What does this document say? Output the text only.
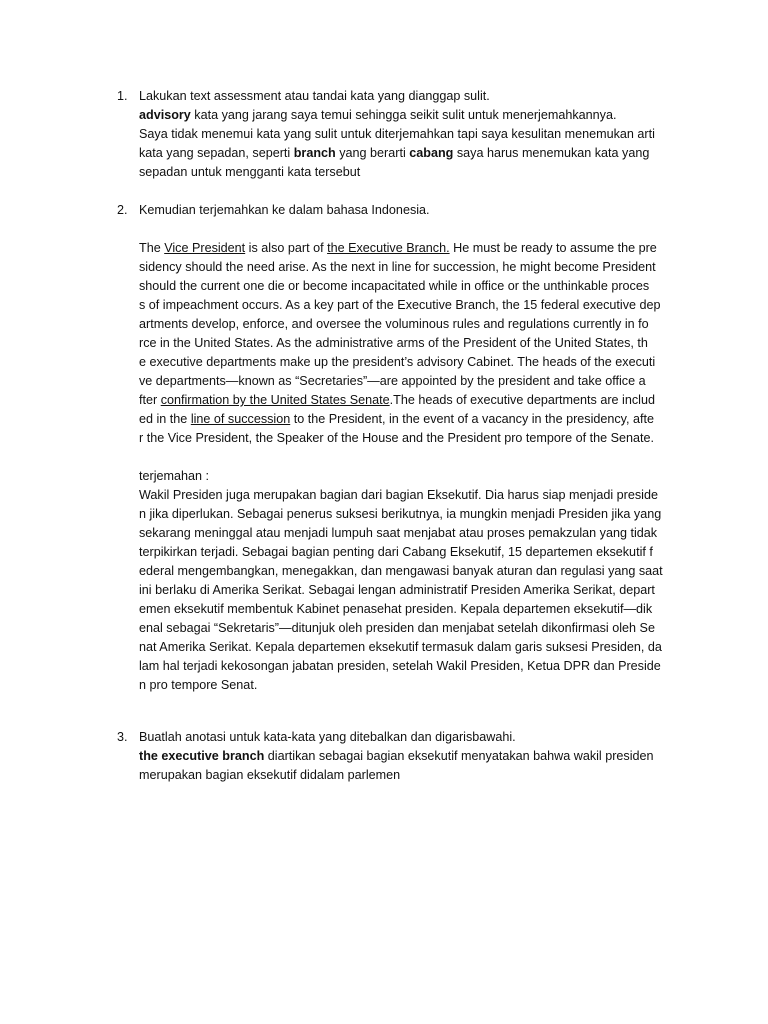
1. Lakukan text assessment atau tandai kata yang dianggap sulit.
advisory kata yang jarang saya temui sehingga seikit sulit untuk menerjemahkannya.
Saya tidak menemui kata yang sulit untuk diterjemahkan tapi saya kesulitan menemukan arti
kata yang sepadan, seperti branch yang berarti cabang saya harus menemukan kata yang
sepadan untuk mengganti kata tersebut
2. Kemudian terjemahkan ke dalam bahasa Indonesia.
The Vice President is also part of the Executive Branch. He must be ready to assume the pre
sidency should the need arise. As the next in line for succession, he might become President
should the current one die or become incapacitated while in office or the unthinkable proces
s of impeachment occurs. As a key part of the Executive Branch, the 15 federal executive dep
artments develop, enforce, and oversee the voluminous rules and regulations currently in fo
rce in the United States. As the administrative arms of the President of the United States, th
e executive departments make up the president’s advisory Cabinet. The heads of the executi
ve departments—known as “Secretaries”—are appointed by the president and take office a
fter confirmation by the United States Senate.The heads of executive departments are includ
ed in the line of succession to the President, in the event of a vacancy in the presidency, afte
r the Vice President, the Speaker of the House and the President pro tempore of the Senate.
terjemahan :
Wakil Presiden juga merupakan bagian dari bagian Eksekutif. Dia harus siap menjadi preside
n jika diperlukan. Sebagai penerus suksesi berikutnya, ia mungkin menjadi Presiden jika yang
sekarang meninggal atau menjadi lumpuh saat menjabat atau proses pemakzulan yang tidak
terpikirkan terjadi. Sebagai bagian penting dari Cabang Eksekutif, 15 departemen eksekutif f
ederal mengembangkan, menegakkan, dan mengawasi banyak aturan dan regulasi yang saat
ini berlaku di Amerika Serikat. Sebagai lengan administratif Presiden Amerika Serikat, depart
emen eksekutif membentuk Kabinet penasehat presiden. Kepala departemen eksekutif—dik
enal sebagai “Sekretaris”—ditunjuk oleh presiden dan menjabat setelah dikonfirmasi oleh Se
nat Amerika Serikat. Kepala departemen eksekutif termasuk dalam garis suksesi Presiden, da
lam hal terjadi kekosongan jabatan presiden, setelah Wakil Presiden, Ketua DPR dan Preside
n pro tempore Senat.
3. Buatlah anotasi untuk kata-kata yang ditebalkan dan digarisbawahi.
the executive branch diartikan sebagai bagian eksekutif menyatakan bahwa wakil presiden
merupakan bagian eksekutif didalam parlemen
